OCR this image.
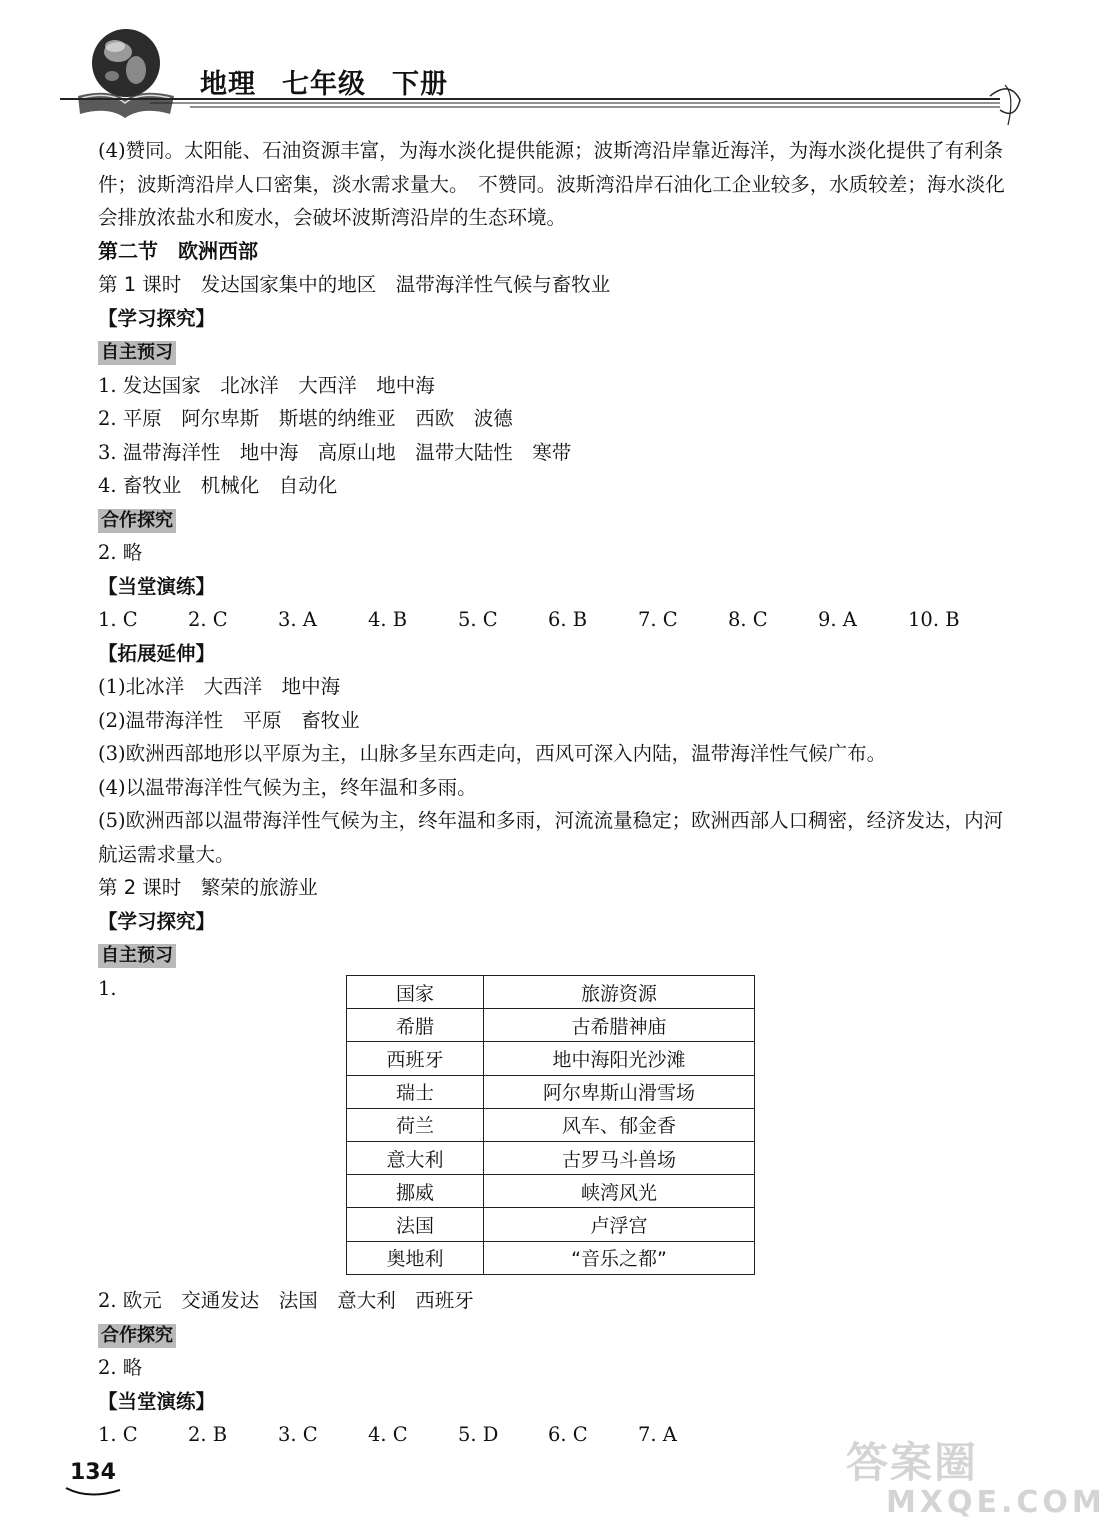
地理 七年级 下册
(4)赞同。太阳能、石油资源丰富，为海水淡化提供能源；波斯湾沿岸靠近海洋，为海水淡化提供了有利条件；波斯湾沿岸人口密集，淡水需求量大。　不赞同。波斯湾沿岸石油化工企业较多，水质较差；海水淡化会排放浓盐水和废水，会破坏波斯湾沿岸的生态环境。
第二节　欧洲西部
第 1 课时　发达国家集中的地区　温带海洋性气候与畜牧业
【学习探究】
自主预习
1. 发达国家　北冰洋　大西洋　地中海
2. 平原　阿尔卑斯　斯堪的纳维亚　西欧　波德
3. 温带海洋性　地中海　高原山地　温带大陆性　寒带
4. 畜牧业　机械化　自动化
合作探究
2. 略
【当堂演练】
1. C	2. C	3. A	4. B	5. C	6. B	7. C	8. C	9. A	10. B
【拓展延伸】
(1)北冰洋　大西洋　地中海
(2)温带海洋性　平原　畜牧业
(3)欧洲西部地形以平原为主，山脉多呈东西走向，西风可深入内陆，温带海洋性气候广布。
(4)以温带海洋性气候为主，终年温和多雨。
(5)欧洲西部以温带海洋性气候为主，终年温和多雨，河流流量稳定；欧洲西部人口稠密，经济发达，内河航运需求量大。
第 2 课时　繁荣的旅游业
【学习探究】
自主预习
1.	国家	旅游资源
希腊	古希腊神庙
西班牙	地中海阳光沙滩
瑞士	阿尔卑斯山滑雪场
荷兰	风车、郁金香
意大利	古罗马斗兽场
挪威	峡湾风光
法国	卢浮宫
奥地利	“音乐之都”
2. 欧元　交通发达　法国　意大利　西班牙
合作探究
2. 略
【当堂演练】
1. C	2. B	3. C	4. C	5. D	6. C	7. A
134	答案圈
MXQE.COM
